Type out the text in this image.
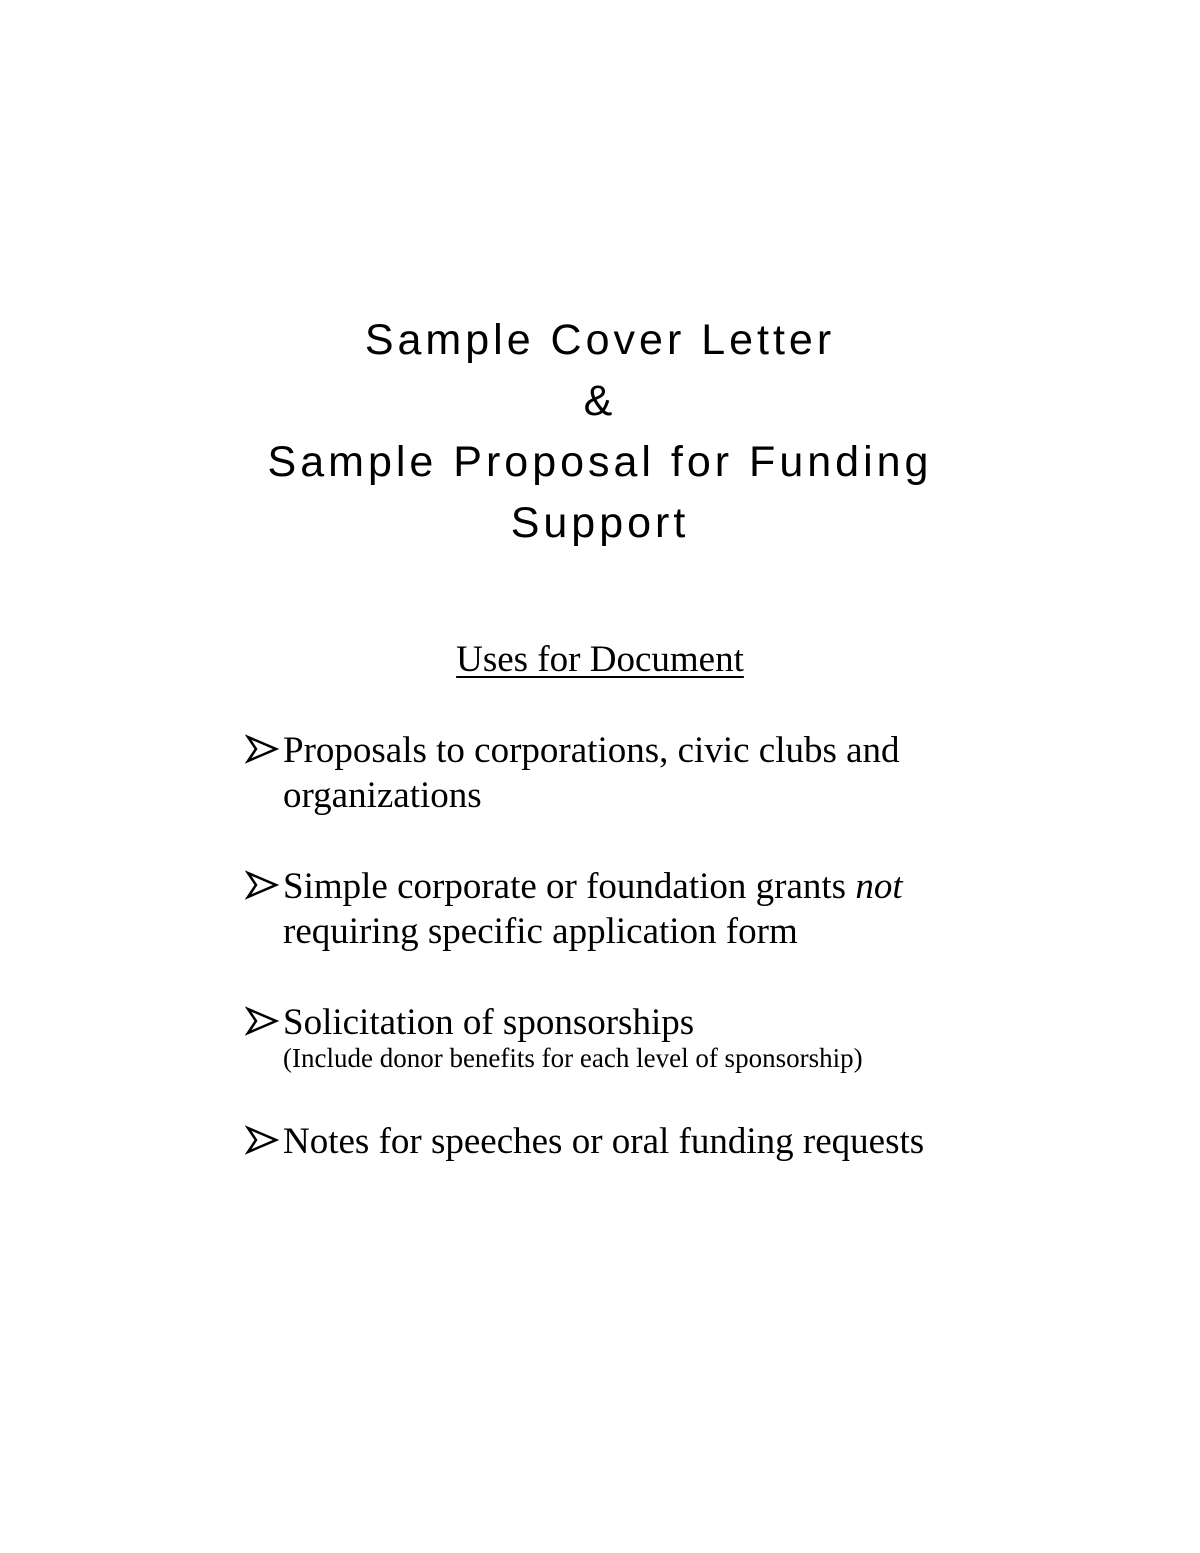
Sample Cover Letter
&
Sample Proposal for Funding
Support
Uses for Document
Proposals to corporations, civic clubs and organizations
Simple corporate or foundation grants not requiring specific application form
Solicitation of sponsorships
(Include donor benefits for each level of sponsorship)
Notes for speeches or oral funding requests
